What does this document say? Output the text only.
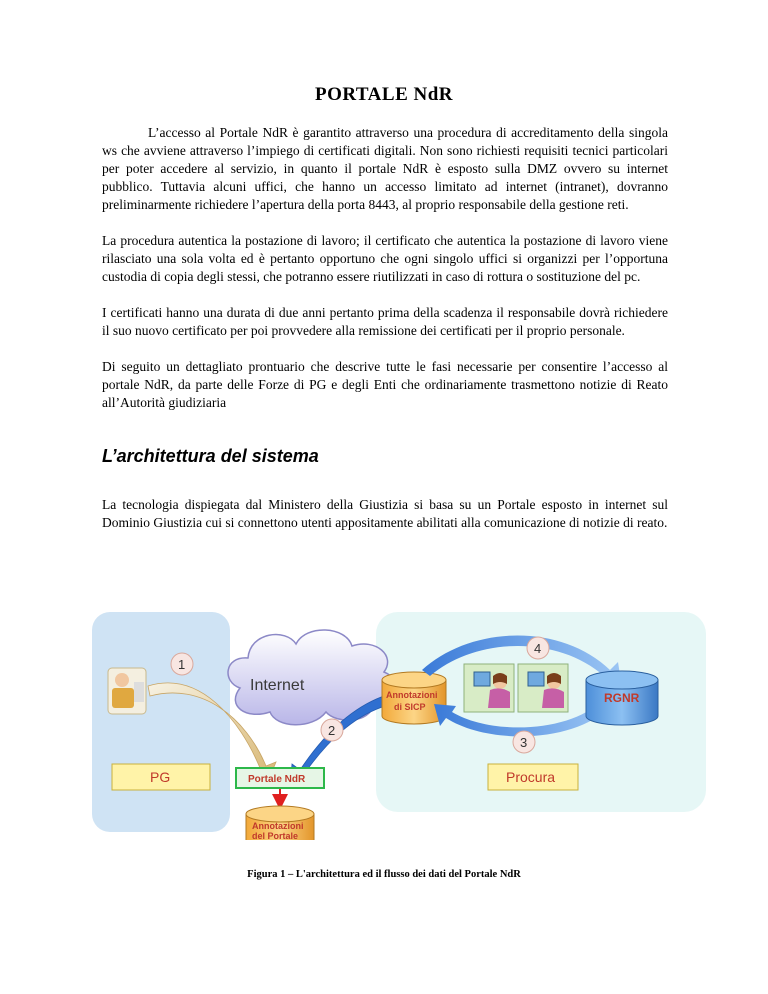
PORTALE NdR
L’accesso al Portale NdR è garantito attraverso una procedura di accreditamento della singola ws che avviene attraverso l’impiego di certificati digitali. Non sono richiesti requisiti tecnici particolari per poter accedere al servizio, in quanto il portale NdR è esposto sulla DMZ ovvero su internet pubblico. Tuttavia alcuni uffici, che hanno un accesso limitato ad internet (intranet), dovranno preliminarmente richiedere l’apertura della porta 8443, al proprio responsabile della gestione reti.
La procedura autentica la postazione di lavoro; il certificato che autentica la postazione di lavoro viene rilasciato una sola volta ed è pertanto opportuno che ogni singolo uffici si organizzi per l’opportuna custodia di copia degli stessi, che potranno essere riutilizzati in caso di rottura o sostituzione del pc.
I certificati hanno una durata di due anni pertanto prima della scadenza il responsabile dovrà richiedere il suo nuovo certificato per poi provvedere alla remissione dei certificati per il proprio personale.
Di seguito un dettagliato prontuario che descrive tutte le fasi necessarie per consentire l’accesso al portale NdR, da parte delle Forze di PG e degli Enti che ordinariamente trasmettono notizie di Reato all’Autorità giudiziaria
L’architettura del sistema
La tecnologia dispiegata dal Ministero della Giustizia si basa su un Portale esposto in internet sul Dominio Giustizia cui si connettono utenti appositamente abilitati alla comunicazione di notizie di reato.
Internet
1
2
Annotazioni
di SICP
4
3
RGNR
PG	Portale NdR	Procura
Annotazioni
del Portale
Figura 1 – L'architettura ed il flusso dei dati del Portale NdR
